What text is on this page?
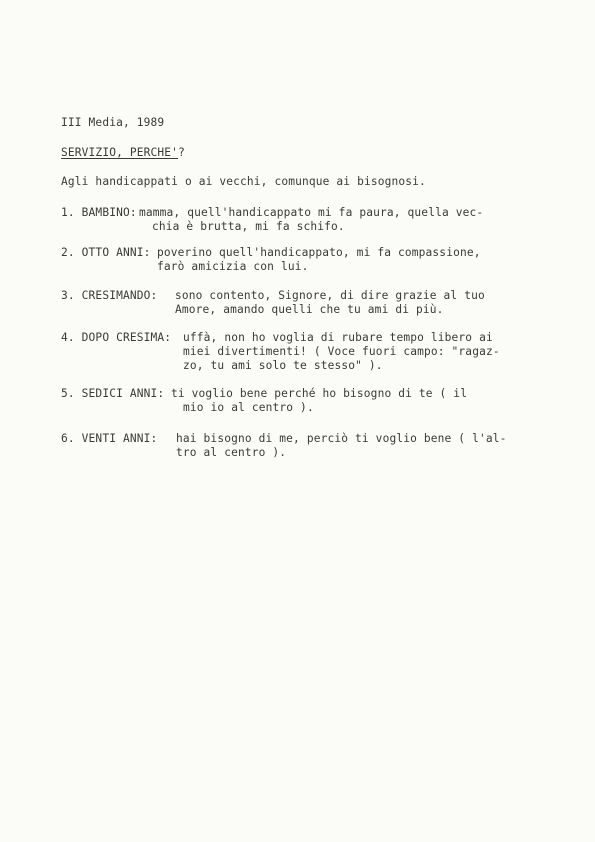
III Media, 1989
SERVIZIO, PERCHE'?
Agli handicappati o ai vecchi, comunque ai bisognosi.
1. BAMBINO: mamma, quell'handicappato mi fa paura, quella vec-
chia è brutta, mi fa schifo.
2. OTTO ANNI: poverino quell'handicappato, mi fa compassione,
farò amicizia con lui.
3. CRESIMANDO: sono contento, Signore, di dire grazie al tuo
Amore, amando quelli che tu ami di più.
4. DOPO CRESIMA: uffà, non ho voglia di rubare tempo libero ai
miei divertimenti! ( Voce fuori campo: "ragaz-
zo, tu ami solo te stesso" ).
5. SEDICI ANNI: ti voglio bene perché ho bisogno di te ( il
mio io al centro ).
6. VENTI ANNI: hai bisogno di me, perciò ti voglio bene ( l'al-
tro al centro ).
